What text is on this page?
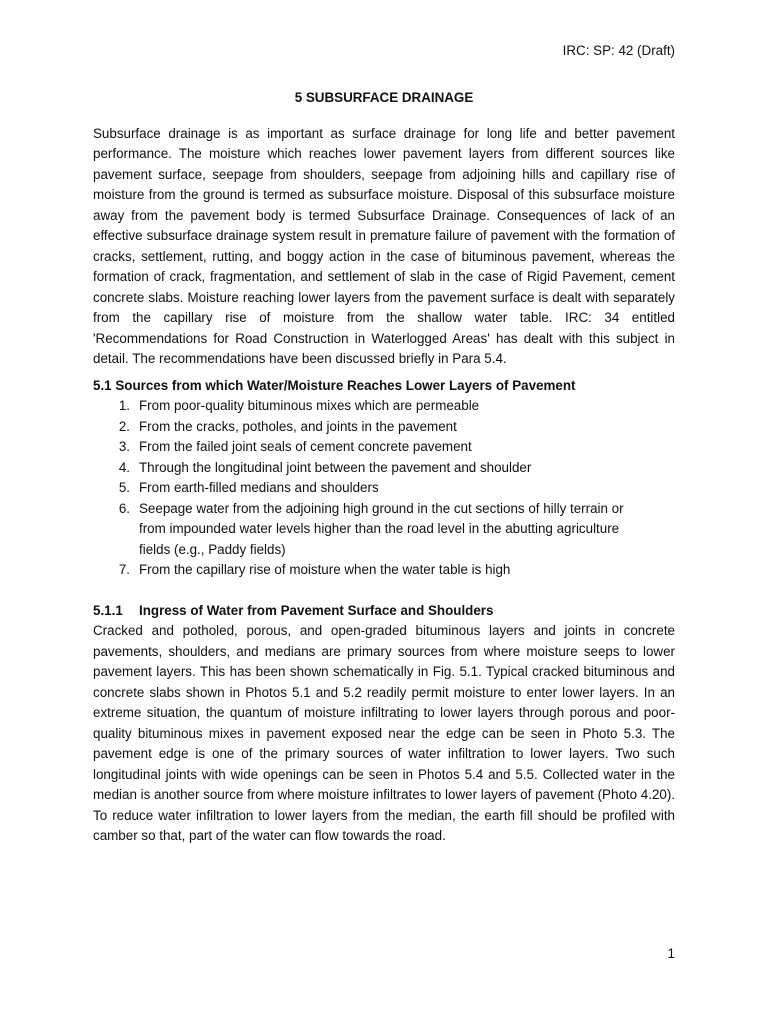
IRC: SP: 42 (Draft)
5 SUBSURFACE DRAINAGE

Subsurface drainage is as important as surface drainage for long life and better pavement performance. The moisture which reaches lower pavement layers from different sources like pavement surface, seepage from shoulders, seepage from adjoining hills and capillary rise of moisture from the ground is termed as subsurface moisture. Disposal of this subsurface moisture away from the pavement body is termed Subsurface Drainage. Consequences of lack of an effective subsurface drainage system result in premature failure of pavement with the formation of cracks, settlement, rutting, and boggy action in the case of bituminous pavement, whereas the formation of crack, fragmentation, and settlement of slab in the case of Rigid Pavement, cement concrete slabs. Moisture reaching lower layers from the pavement surface is dealt with separately from the capillary rise of moisture from the shallow water table. IRC: 34 entitled 'Recommendations for Road Construction in Waterlogged Areas' has dealt with this subject in detail. The recommendations have been discussed briefly in Para 5.4.

5.1 Sources from which Water/Moisture Reaches Lower Layers of Pavement
1. From poor-quality bituminous mixes which are permeable
2. From the cracks, potholes, and joints in the pavement
3. From the failed joint seals of cement concrete pavement
4. Through the longitudinal joint between the pavement and shoulder
5. From earth-filled medians and shoulders
6. Seepage water from the adjoining high ground in the cut sections of hilly terrain or from impounded water levels higher than the road level in the abutting agriculture fields (e.g., Paddy fields)
7. From the capillary rise of moisture when the water table is high
5.1.1	Ingress of Water from Pavement Surface and Shoulders

Cracked and potholed, porous, and open-graded bituminous layers and joints in concrete pavements, shoulders, and medians are primary sources from where moisture seeps to lower pavement layers. This has been shown schematically in Fig. 5.1. Typical cracked bituminous and concrete slabs shown in Photos 5.1 and 5.2 readily permit moisture to enter lower layers. In an extreme situation, the quantum of moisture infiltrating to lower layers through porous and poor-quality bituminous mixes in pavement exposed near the edge can be seen in Photo 5.3. The pavement edge is one of the primary sources of water infiltration to lower layers. Two such longitudinal joints with wide openings can be seen in Photos 5.4 and 5.5. Collected water in the median is another source from where moisture infiltrates to lower layers of pavement (Photo 4.20). To reduce water infiltration to lower layers from the median, the earth fill should be profiled with camber so that, part of the water can flow towards the road.

1
